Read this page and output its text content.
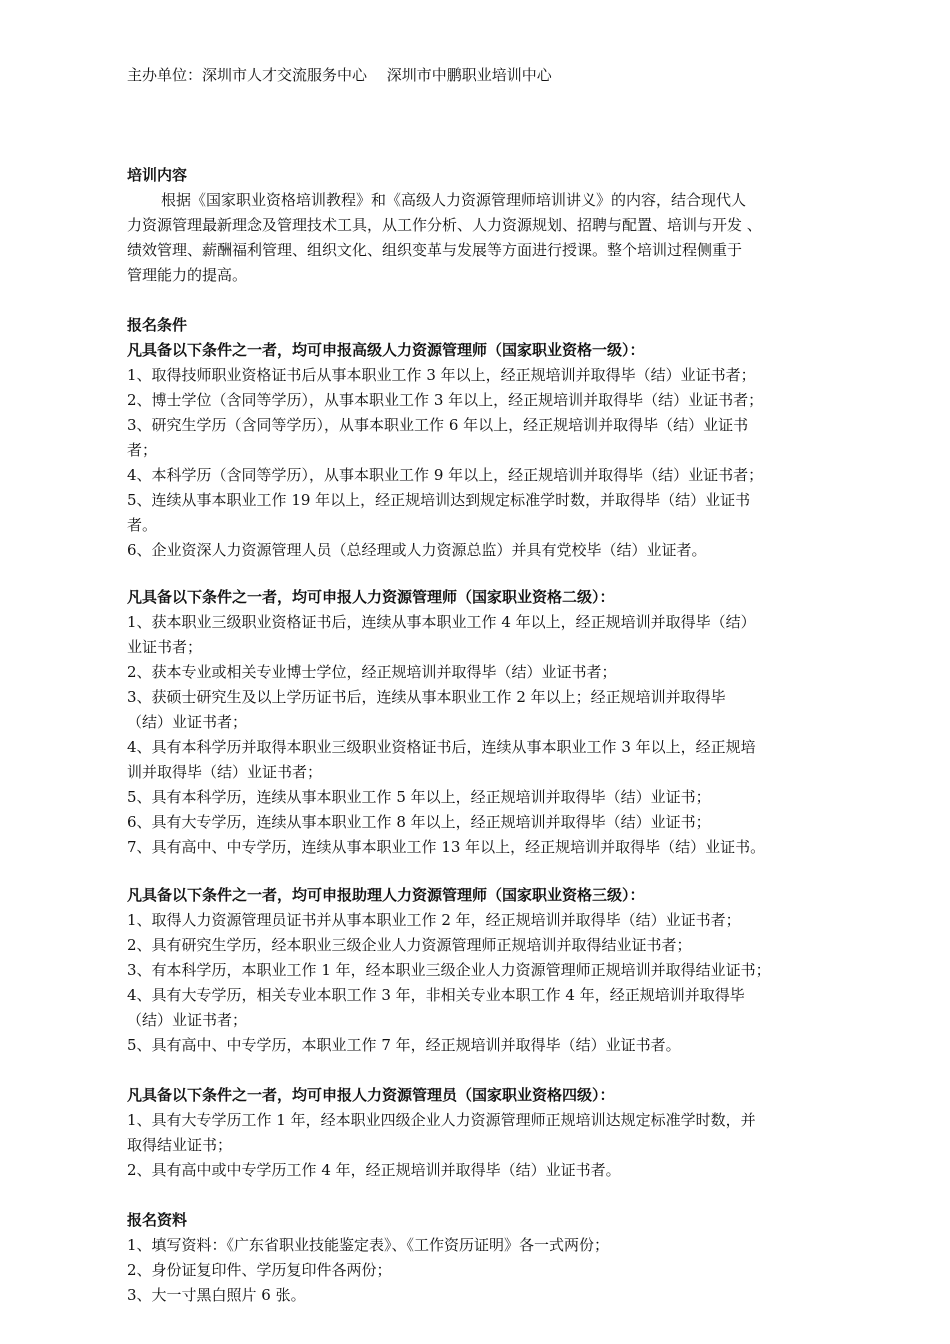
主办单位：深圳市人才交流服务中心　 深圳市中鹏职业培训中心
培训内容
根据《国家职业资格培训教程》和《高级人力资源管理师培训讲义》的内容，结合现代人
力资源管理最新理念及管理技术工具，从工作分析、人力资源规划、招聘与配置、培训与开发 、
绩效管理、薪酬福利管理、组织文化、组织变革与发展等方面进行授课。整个培训过程侧重于
管理能力的提高。
报名条件
凡具备以下条件之一者，均可申报高级人力资源管理师（国家职业资格一级）：
1、取得技师职业资格证书后从事本职业工作 3 年以上，经正规培训并取得毕（结）业证书者；
2、博士学位（含同等学历），从事本职业工作 3 年以上，经正规培训并取得毕（结）业证书者；
3、研究生学历（含同等学历），从事本职业工作 6 年以上，经正规培训并取得毕（结）业证书
者；
4、本科学历（含同等学历），从事本职业工作 9 年以上，经正规培训并取得毕（结）业证书者；
5、连续从事本职业工作 19 年以上，经正规培训达到规定标准学时数，并取得毕（结）业证书
者。
6、企业资深人力资源管理人员（总经理或人力资源总监）并具有党校毕（结）业证者。
凡具备以下条件之一者，均可申报人力资源管理师（国家职业资格二级）：
1、获本职业三级职业资格证书后，连续从事本职业工作 4 年以上，经正规培训并取得毕（结）
业证书者；
2、获本专业或相关专业博士学位，经正规培训并取得毕（结）业证书者；
3、获硕士研究生及以上学历证书后，连续从事本职业工作 2 年以上；经正规培训并取得毕
（结）业证书者；
4、具有本科学历并取得本职业三级职业资格证书后，连续从事本职业工作 3 年以上，经正规培
训并取得毕（结）业证书者；
5、具有本科学历，连续从事本职业工作 5 年以上，经正规培训并取得毕（结）业证书；
6、具有大专学历，连续从事本职业工作 8 年以上，经正规培训并取得毕（结）业证书；
7、具有高中、中专学历，连续从事本职业工作 13 年以上，经正规培训并取得毕（结）业证书。
凡具备以下条件之一者，均可申报助理人力资源管理师（国家职业资格三级）：
1、取得人力资源管理员证书并从事本职业工作 2 年，经正规培训并取得毕（结）业证书者；
2、具有研究生学历，经本职业三级企业人力资源管理师正规培训并取得结业证书者；
3、有本科学历，本职业工作 1 年，经本职业三级企业人力资源管理师正规培训并取得结业证书；
4、具有大专学历，相关专业本职工作 3 年，非相关专业本职工作 4 年，经正规培训并取得毕
（结）业证书者；
5、具有高中、中专学历，本职业工作 7 年，经正规培训并取得毕（结）业证书者。
凡具备以下条件之一者，均可申报人力资源管理员（国家职业资格四级）：
1、具有大专学历工作 1 年，经本职业四级企业人力资源管理师正规培训达规定标准学时数，并
取得结业证书；
2、具有高中或中专学历工作 4 年，经正规培训并取得毕（结）业证书者。
报名资料
1、填写资料：《广东省职业技能鉴定表》、《工作资历证明》各一式两份；
2、身份证复印件、学历复印件各两份；
3、大一寸黑白照片 6 张。
